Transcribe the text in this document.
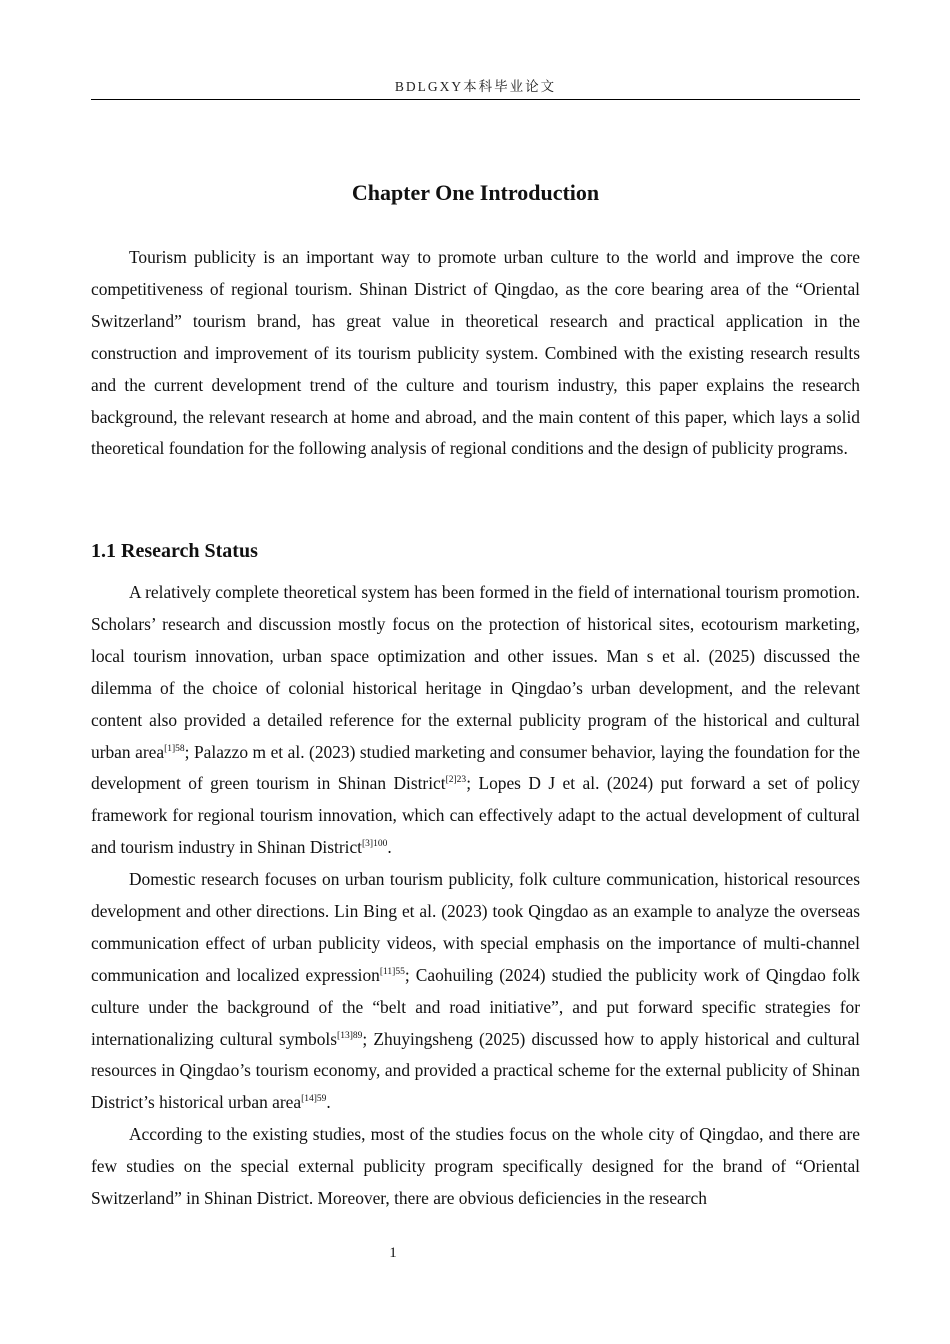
BDLGXY本科毕业论文
Chapter One Introduction

Tourism publicity is an important way to promote urban culture to the world and improve the core competitiveness of regional tourism. Shinan District of Qingdao, as the core bearing area of the “Oriental Switzerland” tourism brand, has great value in theoretical research and practical application in the construction and improvement of its tourism publicity system. Combined with the existing research results and the current development trend of the culture and tourism industry, this paper explains the research background, the relevant research at home and abroad, and the main content of this paper, which lays a solid theoretical foundation for the following analysis of regional conditions and the design of publicity programs.

1.1 Research Status

A relatively complete theoretical system has been formed in the field of international tourism promotion. Scholars’ research and discussion mostly focus on the protection of historical sites, ecotourism marketing, local tourism innovation, urban space optimization and other issues. Man s et al. (2025) discussed the dilemma of the choice of colonial historical heritage in Qingdao’s urban development, and the relevant content also provided a detailed reference for the external publicity program of the historical and cultural urban area$^{[1]58}$; Palazzo m et al. (2023) studied marketing and consumer behavior, laying the foundation for the development of green tourism in Shinan District$^{[2]23}$; Lopes D J et al. (2024) put forward a set of policy framework for regional tourism innovation, which can effectively adapt to the actual development of cultural and tourism industry in Shinan District$^{[3]100}$.

Domestic research focuses on urban tourism publicity, folk culture communication, historical resources development and other directions. Lin Bing et al. (2023) took Qingdao as an example to analyze the overseas communication effect of urban publicity videos, with special emphasis on the importance of multi-channel communication and localized expression$^{[11]55}$; Caohuiling (2024) studied the publicity work of Qingdao folk culture under the background of the “belt and road initiative”, and put forward specific strategies for internationalizing cultural symbols$^{[13]89}$; Zhuyingsheng (2025) discussed how to apply historical and cultural resources in Qingdao’s tourism economy, and provided a practical scheme for the external publicity of Shinan District’s historical urban area$^{[14]59}$.

According to the existing studies, most of the studies focus on the whole city of Qingdao, and there are few studies on the special external publicity program specifically designed for the brand of “Oriental Switzerland” in Shinan District. Moreover, there are obvious deficiencies in the research

1
